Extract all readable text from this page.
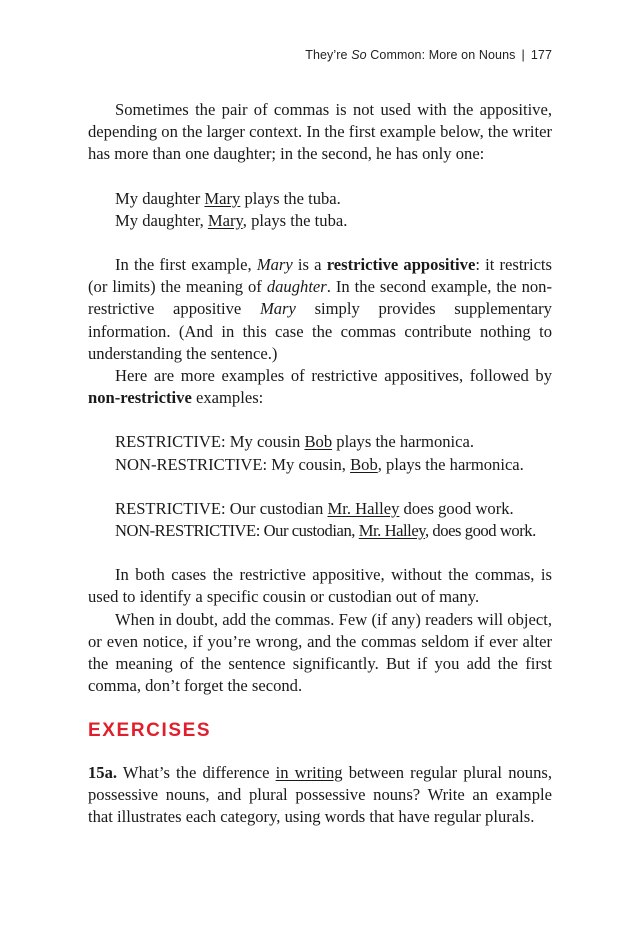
They’re So Common: More on Nouns | 177

Sometimes the pair of commas is not used with the appositive, depending on the larger context. In the first example below, the writer has more than one daughter; in the second, he has only one:

My daughter Mary plays the tuba.

My daughter, Mary, plays the tuba.

In the first example, Mary is a restrictive appositive: it restricts (or limits) the meaning of daughter. In the second example, the non-restrictive appositive Mary simply provides supplementary information. (And in this case the commas contribute nothing to understanding the sentence.)

Here are more examples of restrictive appositives, followed by non-restrictive examples:

RESTRICTIVE: My cousin Bob plays the harmonica.

NON-RESTRICTIVE: My cousin, Bob, plays the harmonica.

RESTRICTIVE: Our custodian Mr. Halley does good work.

NON-RESTRICTIVE: Our custodian, Mr. Halley, does good work.

In both cases the restrictive appositive, without the commas, is used to identify a specific cousin or custodian out of many.

When in doubt, add the commas. Few (if any) readers will object, or even notice, if you’re wrong, and the commas seldom if ever alter the meaning of the sentence significantly. But if you add the first comma, don’t forget the second.

EXERCISES

15a. What’s the difference in writing between regular plural nouns, possessive nouns, and plural possessive nouns? Write an example that illustrates each category, using words that have regular plurals.
